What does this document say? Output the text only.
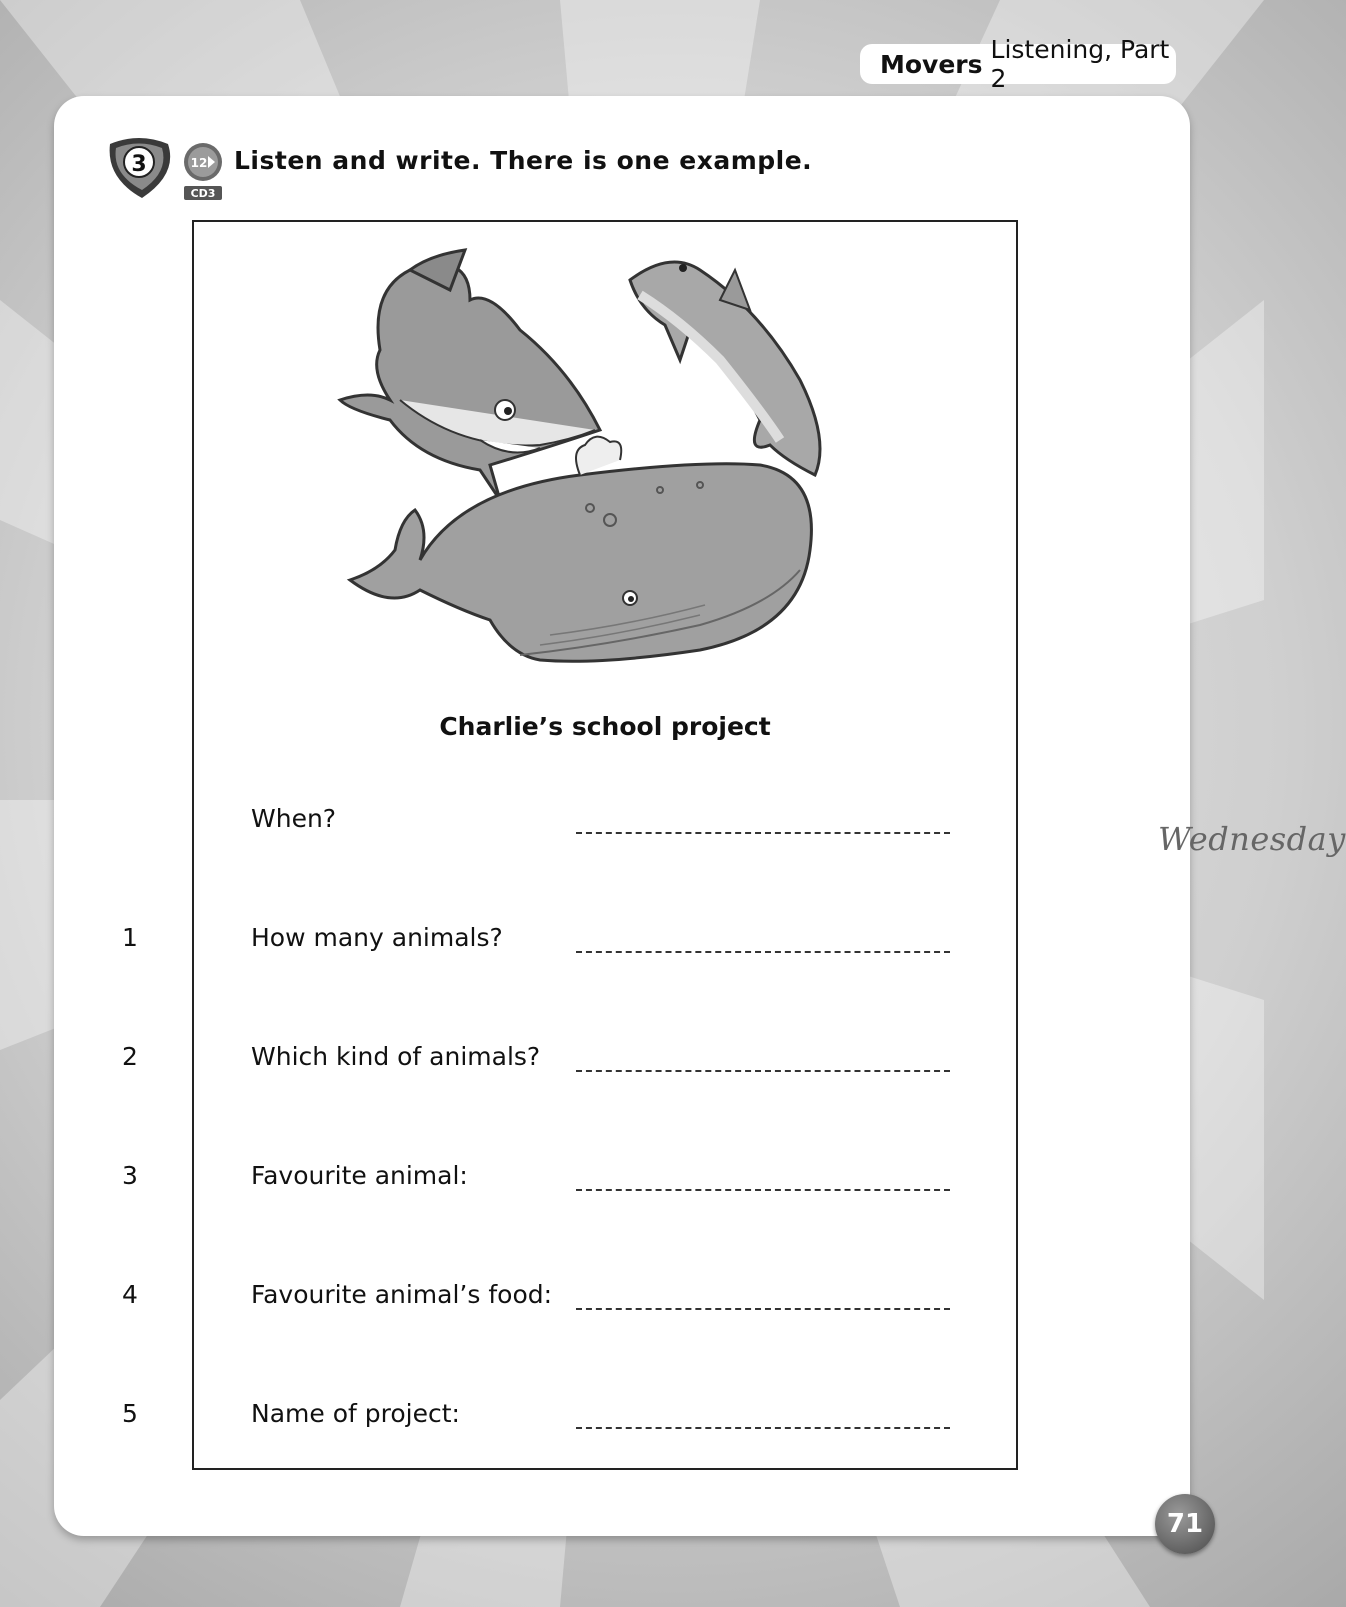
Movers Listening, Part 2
3	12
CD3
Listen and write. There is one example.
Charlie’s school project
When?
Wednesday
1	How many animals?
2	Which kind of animals?
3	Favourite animal:
4	Favourite animal’s food:
5	Name of project:
71
